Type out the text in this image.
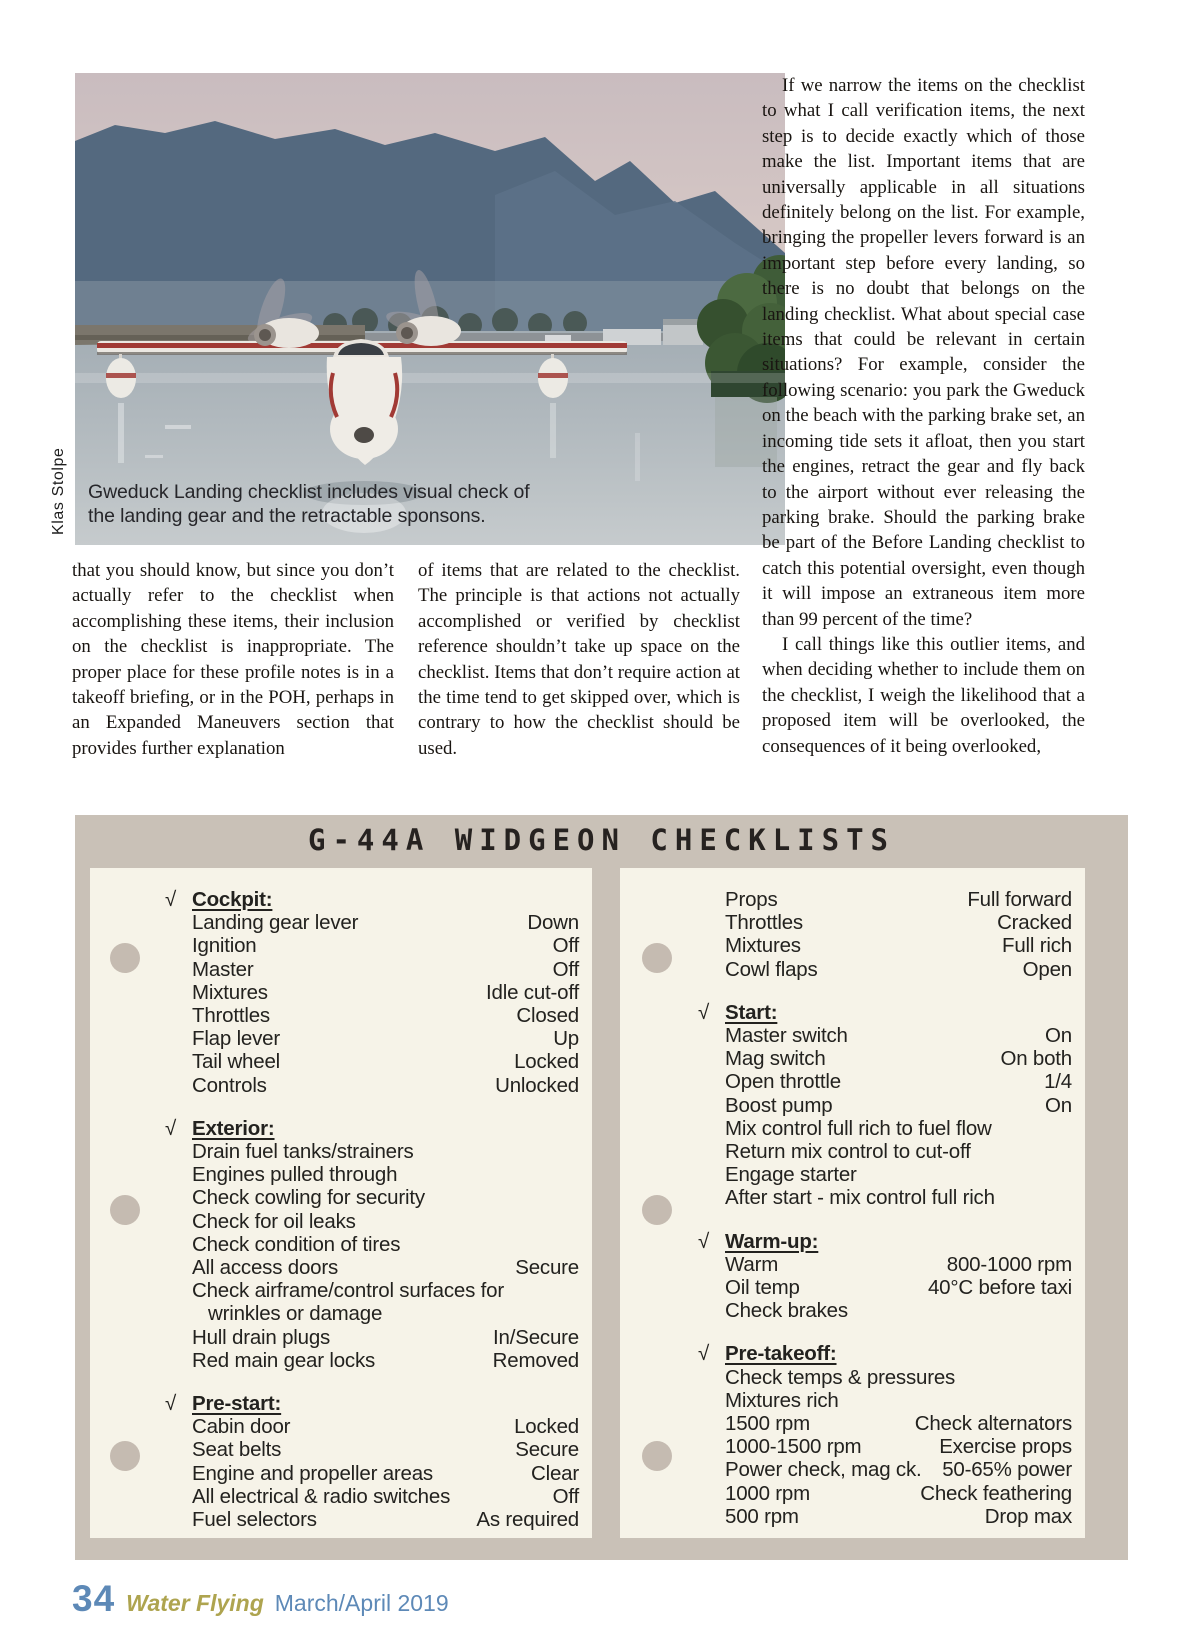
Gweduck Landing checklist includes visual check of
the landing gear and the retractable sponsons.
Klas Stolpe

that you should know, but since you don’t actually refer to the checklist when accomplishing these items, their inclusion on the checklist is inappropriate. The proper place for these profile notes is in a takeoff briefing, or in the POH, perhaps in an Expanded Maneuvers section that provides further explanation

of items that are related to the checklist. The principle is that actions not actually accomplished or verified by checklist reference shouldn’t take up space on the checklist. Items that don’t require action at the time tend to get skipped over, which is contrary to how the checklist should be used.

If we narrow the items on the checklist to what I call verification items, the next step is to decide exactly which of those make the list. Important items that are universally applicable in all situations definitely belong on the list. For example, bringing the propeller levers forward is an important step before every landing, so there is no doubt that belongs on the landing checklist. What about special case items that could be relevant in certain situations? For example, consider the following scenario: you park the Gweduck on the beach with the parking brake set, an incoming tide sets it afloat, then you start the engines, retract the gear and fly back to the airport without ever releasing the parking brake. Should the parking brake be part of the Before Landing checklist to catch this potential oversight, even though it will impose an extraneous item more than 99 percent of the time?

I call things like this outlier items, and when deciding whether to include them on the checklist, I weigh the likelihood that a proposed item will be overlooked, the consequences of it being overlooked,

G-44A WIDGEON CHECKLISTS
√ Cockpit:
Landing gear lever	Down
Ignition	Off
Master	Off
Mixtures	Idle cut-off
Throttles	Closed
Flap lever	Up
Tail wheel	Locked
Controls	Unlocked
√ Exterior:
Drain fuel tanks/strainers
Engines pulled through
Check cowling for security
Check for oil leaks
Check condition of tires
All access doors	Secure
Check airframe/control surfaces for wrinkles or damage
Hull drain plugs	In/Secure
Red main gear locks	Removed
√ Pre-start:
Cabin door	Locked
Seat belts	Secure
Engine and propeller areas	Clear
All electrical & radio switches	Off
Fuel selectors	As required
Props	Full forward
Throttles	Cracked
Mixtures	Full rich
Cowl flaps	Open
√ Start:
Master switch	On
Mag switch	On both
Open throttle	1/4
Boost pump	On
Mix control full rich to fuel flow
Return mix control to cut-off
Engage starter
After start - mix control full rich
√ Warm-up:
Warm	800-1000 rpm
Oil temp	40°C before taxi
Check brakes
√ Pre-takeoff:
Check temps & pressures
Mixtures rich
1500 rpm	Check alternators
1000-1500 rpm	Exercise props
Power check, mag ck.	50-65% power
1000 rpm	Check feathering
500 rpm	Drop max
34 Water Flying March/April 2019
